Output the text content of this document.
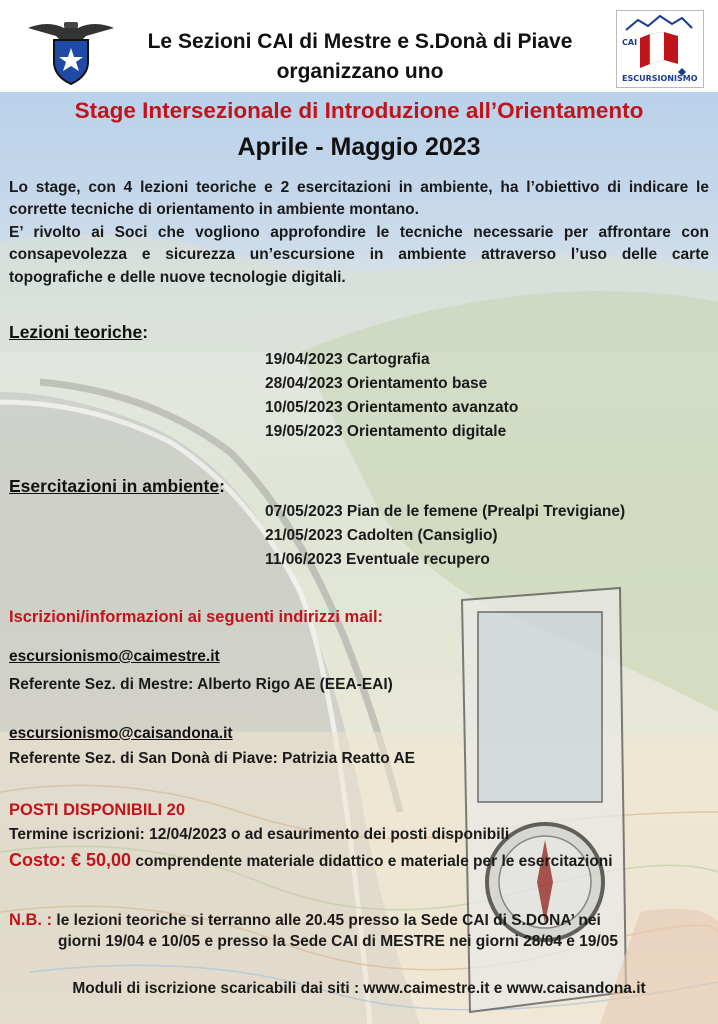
Le Sezioni CAI di Mestre e S.Donà di Piave
organizzano uno
CAI
ESCURSIONISMO
Stage Intersezionale di Introduzione all’Orientamento
Aprile - Maggio 2023

Lo stage, con 4 lezioni teoriche e 2 esercitazioni in ambiente, ha l’obiettivo di indicare le corrette tecniche di orientamento in ambiente montano.

E’ rivolto ai Soci che vogliono approfondire le tecniche necessarie per affrontare con consapevolezza e sicurezza un’escursione in ambiente attraverso l’uso delle carte topografiche e delle nuove tecnologie digitali.

Lezioni teoriche:
19/04/2023 Cartografia
28/04/2023 Orientamento base
10/05/2023 Orientamento avanzato
19/05/2023 Orientamento digitale
Esercitazioni in ambiente:
07/05/2023 Pian de le femene (Prealpi Trevigiane)
21/05/2023 Cadolten (Cansiglio)
11/06/2023 Eventuale recupero
Iscrizioni/informazioni ai seguenti indirizzi mail:
escursionismo@caimestre.it
Referente Sez. di Mestre: Alberto Rigo AE (EEA-EAI)
escursionismo@caisandona.it
Referente Sez. di San Donà di Piave: Patrizia Reatto AE
POSTI DISPONIBILI 20
Termine iscrizioni: 12/04/2023 o ad esaurimento dei posti disponibili
Costo: € 50,00 comprendente materiale didattico e materiale per le esercitazioni
N.B. : le lezioni teoriche si terranno alle 20.45 presso la Sede CAI di S.DONA’ nei
giorni 19/04 e 10/05 e presso la Sede CAI di MESTRE nei giorni 28/04 e 19/05
Moduli di iscrizione scaricabili dai siti : www.caimestre.it e www.caisandona.it
